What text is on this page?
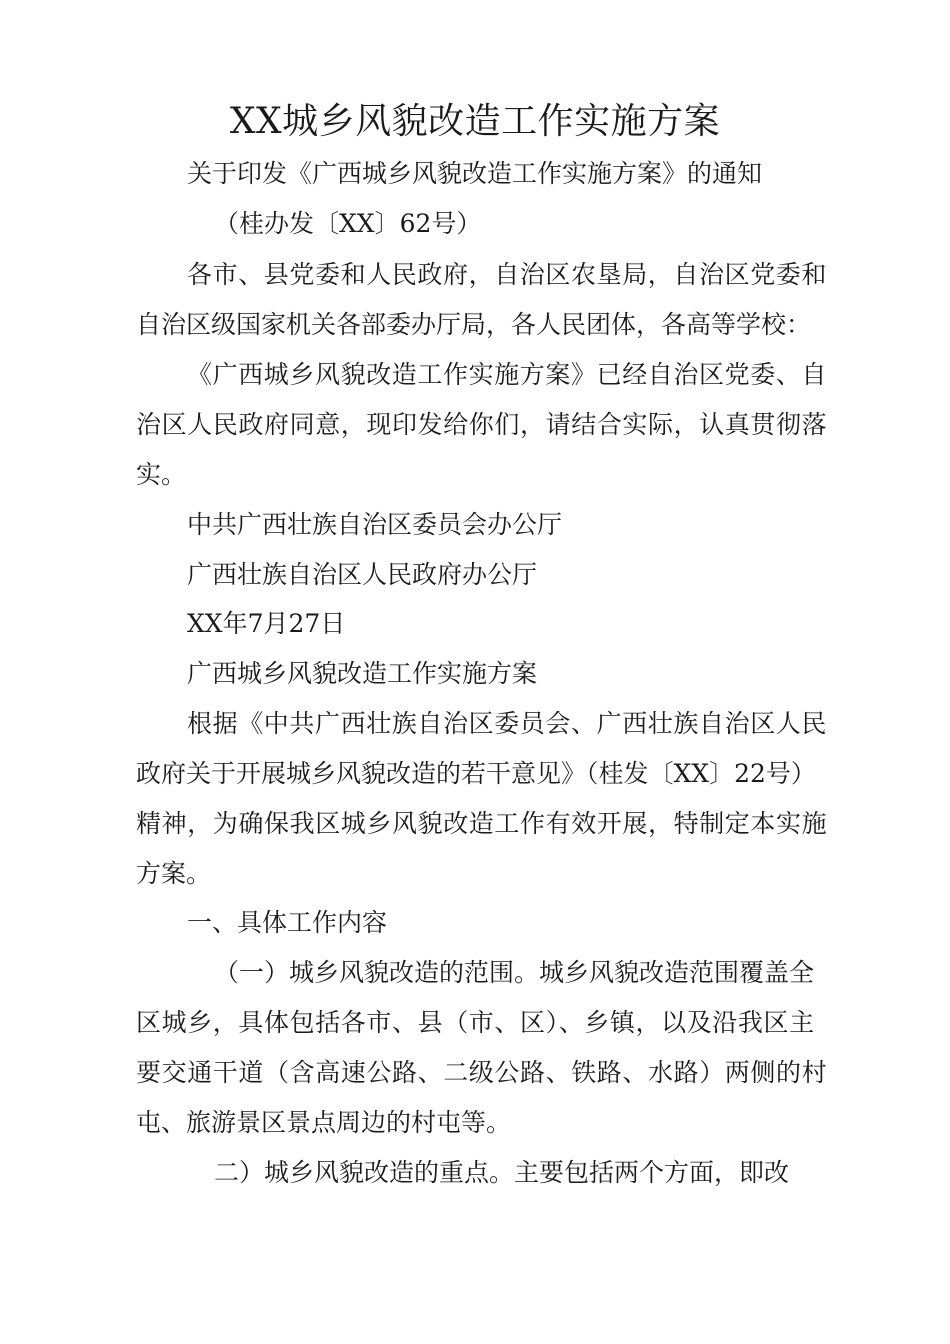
XX城乡风貌改造工作实施方案
关于印发《广西城乡风貌改造工作实施方案》的通知
（桂办发〔XX〕62号）
各市、县党委和人民政府，自治区农垦局，自治区党委和
自治区级国家机关各部委办厅局，各人民团体，各高等学校：
《广西城乡风貌改造工作实施方案》已经自治区党委、自
治区人民政府同意，现印发给你们，请结合实际，认真贯彻落
实。
中共广西壮族自治区委员会办公厅
广西壮族自治区人民政府办公厅
XX年7月27日
广西城乡风貌改造工作实施方案
根据《中共广西壮族自治区委员会、广西壮族自治区人民
政府关于开展城乡风貌改造的若干意见》（桂发〔XX〕22号）
精神，为确保我区城乡风貌改造工作有效开展，特制定本实施
方案。
一、具体工作内容
（一）城乡风貌改造的范围。城乡风貌改造范围覆盖全
区城乡，具体包括各市、县（市、区）、乡镇，以及沿我区主
要交通干道（含高速公路、二级公路、铁路、水路）两侧的村
屯、旅游景区景点周边的村屯等。
二）城乡风貌改造的重点。主要包括两个方面，即改
